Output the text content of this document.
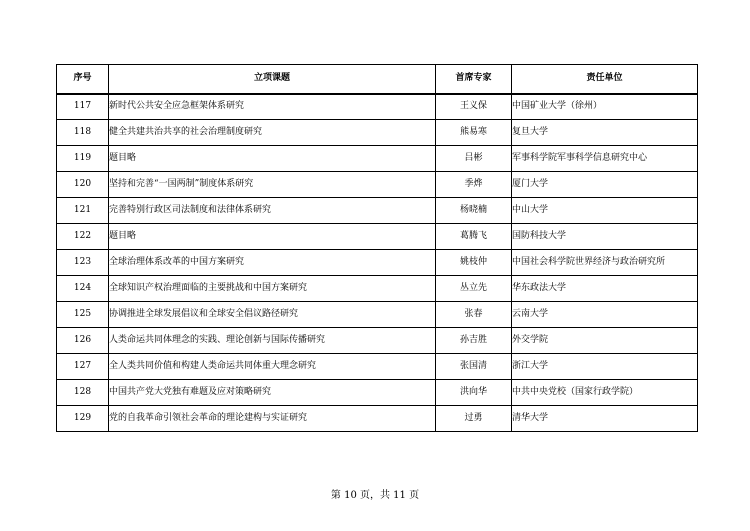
序号	立项课题	首席专家	责任单位
117	新时代公共安全应急框架体系研究	王义保	中国矿业大学（徐州）
118	健全共建共治共享的社会治理制度研究	熊易寒	复旦大学
119	题目略	吕彬	军事科学院军事科学信息研究中心
120	坚持和完善“一国两制”制度体系研究	季烨	厦门大学
121	完善特别行政区司法制度和法律体系研究	杨晓楠	中山大学
122	题目略	葛腾飞	国防科技大学
123	全球治理体系改革的中国方案研究	姚枝仲	中国社会科学院世界经济与政治研究所
124	全球知识产权治理面临的主要挑战和中国方案研究	丛立先	华东政法大学
125	协调推进全球发展倡议和全球安全倡议路径研究	张春	云南大学
126	人类命运共同体理念的实践、理论创新与国际传播研究	孙吉胜	外交学院
127	全人类共同价值和构建人类命运共同体重大理念研究	张国清	浙江大学
128	中国共产党大党独有难题及应对策略研究	洪向华	中共中央党校（国家行政学院）
129	党的自我革命引领社会革命的理论建构与实证研究	过勇	清华大学
第 10 页，共 11 页
